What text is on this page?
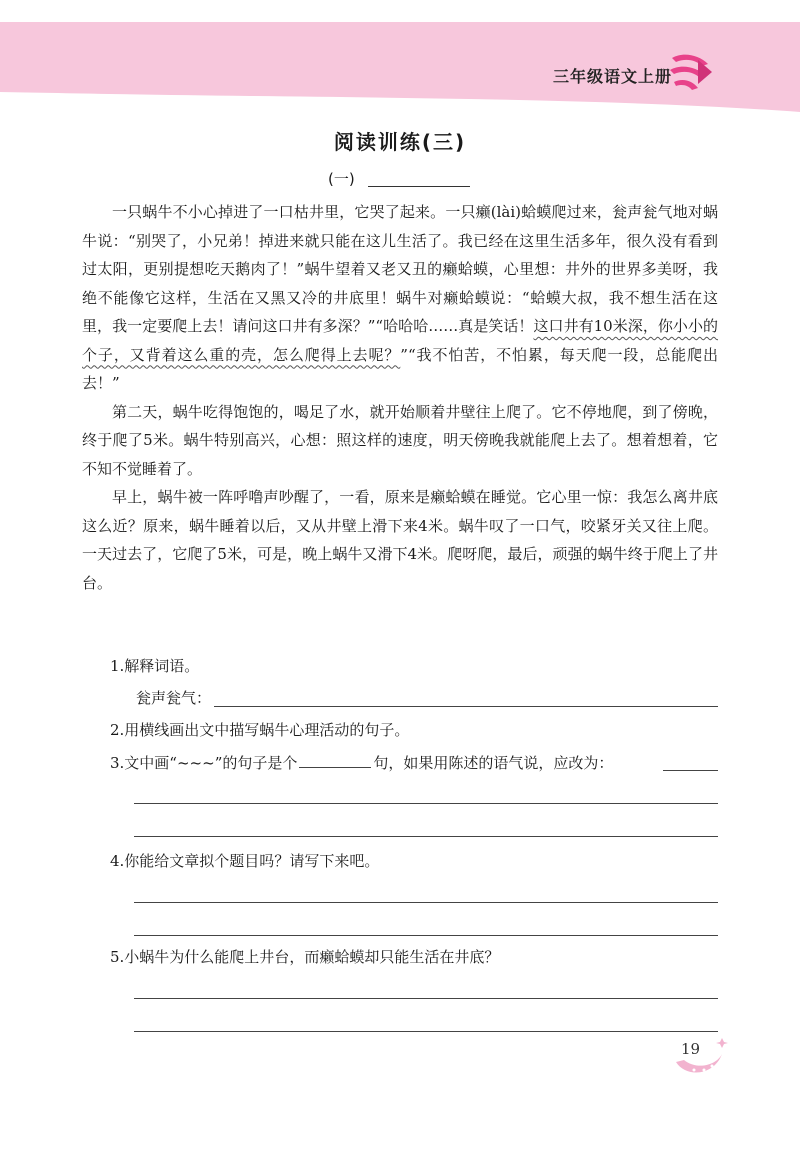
三年级语文上册
阅读训练(三)
(一)

一只蜗牛不小心掉进了一口枯井里，它哭了起来。一只癞(lài)蛤蟆爬过来，瓮声瓮气地对蜗牛说：“别哭了，小兄弟！掉进来就只能在这儿生活了。我已经在这里生活多年，很久没有看到过太阳，更别提想吃天鹅肉了！”蜗牛望着又老又丑的癞蛤蟆，心里想：井外的世界多美呀，我绝不能像它这样，生活在又黑又冷的井底里！蜗牛对癞蛤蟆说：“蛤蟆大叔，我不想生活在这里，我一定要爬上去！请问这口井有多深？”“哈哈哈……真是笑话！这口井有10米深，你小小的个子，又背着这么重的壳，怎么爬得上去呢？”“我不怕苦，不怕累，每天爬一段，总能爬出去！”

第二天，蜗牛吃得饱饱的，喝足了水，就开始顺着井壁往上爬了。它不停地爬，到了傍晚，终于爬了5米。蜗牛特别高兴，心想：照这样的速度，明天傍晚我就能爬上去了。想着想着，它不知不觉睡着了。

早上，蜗牛被一阵呼噜声吵醒了，一看，原来是癞蛤蟆在睡觉。它心里一惊：我怎么离井底这么近？原来，蜗牛睡着以后，又从井壁上滑下来4米。蜗牛叹了一口气，咬紧牙关又往上爬。一天过去了，它爬了5米，可是，晚上蜗牛又滑下4米。爬呀爬，最后，顽强的蜗牛终于爬上了井台。

1.解释词语。
瓮声瓮气：
2.用横线画出文中描写蜗牛心理活动的句子。
3.文中画“~~~”的句子是个	句，如果用陈述的语气说，应改为：
4.你能给文章拟个题目吗？请写下来吧。
5.小蜗牛为什么能爬上井台，而癞蛤蟆却只能生活在井底？
19
